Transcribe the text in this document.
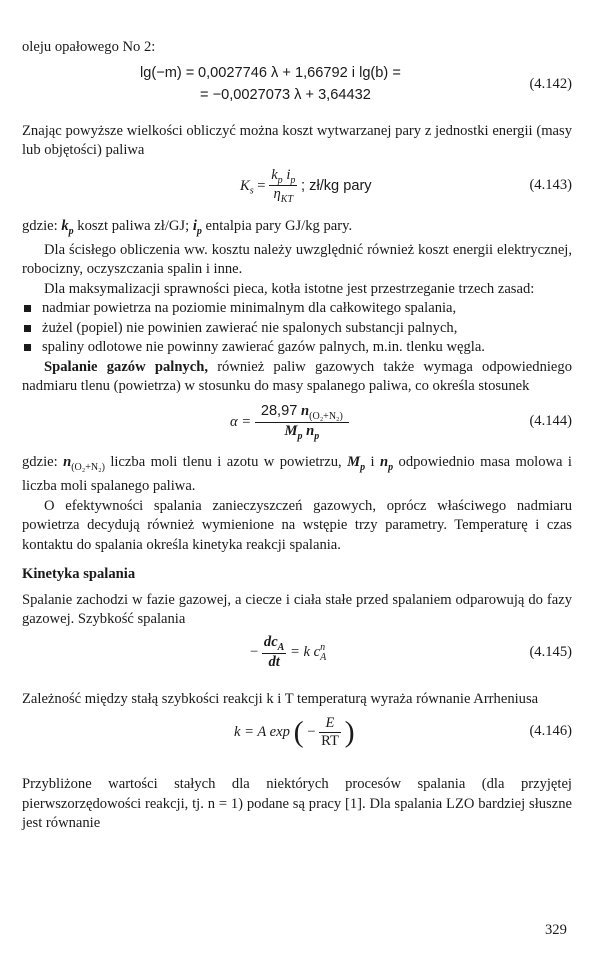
oleju opałowego No 2:

lg(−m) = 0,0027746 λ + 1,66792 i lg(b) =
= −0,0027073 λ + 3,64432
(4.142)

Znając powyższe wielkości obliczyć można koszt wytwarzanej pary z jednostki energii (masy lub objętości) paliwa

$K_s = \frac{k_p i_p}{\eta_{KT}}$ ; zł/kg pary	(4.143)

gdzie: $k_p$ koszt paliwa zł/GJ; $i_p$ entalpia pary GJ/kg pary.

Dla ścisłego obliczenia ww. kosztu należy uwzględnić również koszt energii elektrycznej, robocizny, oczyszczania spalin i inne.

Dla maksymalizacji sprawności pieca, kotła istotne jest przestrzeganie trzech zasad:

nadmiar powietrza na poziomie minimalnym dla całkowitego spalania,
żużel (popiel) nie powinien zawierać nie spalonych substancji palnych,
spaliny odlotowe nie powinny zawierać gazów palnych, m.in. tlenku węgla.

Spalanie gazów palnych, również paliw gazowych także wymaga odpowiedniego nadmiaru tlenu (powietrza) w stosunku do masy spalanego paliwa, co określa stosunek

$\alpha = \frac{28,97 n_{(O_2+N_2)}}{M_p n_p}$	(4.144)

gdzie: $n_{(O_2+N_2)}$ liczba moli tlenu i azotu w powietrzu, $M_p$ i $n_p$ odpowiednio masa molowa i liczba moli spalanego paliwa.

O efektywności spalania zanieczyszczeń gazowych, oprócz właściwego nadmiaru powietrza decydują również wymienione na wstępie trzy parametry. Temperaturę i czas kontaktu do spalania określa kinetyka reakcji spalania.

Kinetyka spalania

Spalanie zachodzi w fazie gazowej, a ciecze i ciała stałe przed spalaniem odparowują do fazy gazowej. Szybkość spalania

− $\frac{dc_A}{dt} = k$ $c^n_A$	(4.145)

Zależność między stałą szybkości reakcji k i T temperaturą wyraża równanie Arrheniusa

k = A exp ( − $\frac{E}{RT}$ )	(4.146)

Przybliżone wartości stałych dla niektórych procesów spalania (dla przyjętej pierwszorzędowości reakcji, tj. n = 1) podane są pracy [1]. Dla spalania LZO bardziej słuszne jest równanie

329
